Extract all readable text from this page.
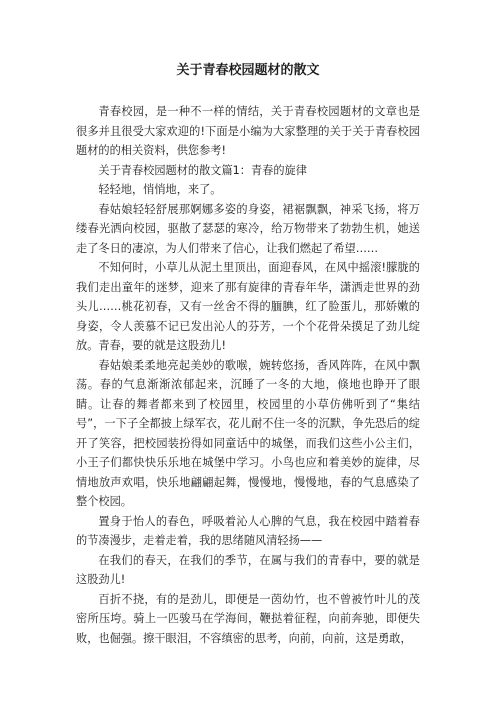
关于青春校园题材的散文

青春校园，是一种不一样的情结，关于青春校园题材的文章也是很多并且很受大家欢迎的!下面是小编为大家整理的关于关于青春校园题材的的相关资料，供您参考!

关于青春校园题材的散文篇1：青春的旋律

轻轻地，悄悄地，来了。

春姑娘轻轻舒展那婀娜多姿的身姿，裙裾飘飘，神采飞扬，将万缕春光洒向校园，驱散了瑟瑟的寒冷，给万物带来了勃勃生机，她送走了冬日的凄凉，为人们带来了信心，让我们燃起了希望……

不知何时，小草儿从泥土里顶出，面迎春风，在风中摇滚!朦胧的我们走出童年的迷梦，迎来了那有旋律的青春年华，潇洒走世界的劲头儿……桃花初春，又有一丝舍不得的腼腆，红了脸蛋儿，那娇嫩的身姿，令人羡慕不记已发出沁人的芬芳，一个个花骨朵摸足了劲儿绽放。青春，要的就是这股劲儿!

春姑娘柔柔地亮起美妙的歌喉，婉转悠扬，香风阵阵，在风中飘荡。春的气息渐渐浓郁起来，沉睡了一冬的大地，倏地也睁开了眼睛。让春的舞者都来到了校园里，校园里的小草仿佛听到了“集结号”，一下子全都披上绿军衣，花儿耐不住一冬的沉默，争先恐后的绽开了笑容，把校园装扮得如同童话中的城堡，而我们这些小公主们，小王子们都快快乐乐地在城堡中学习。小鸟也应和着美妙的旋律，尽情地放声欢唱，快乐地翩翩起舞，慢慢地，慢慢地，春的气息感染了整个校园。

置身于怡人的春色，呼吸着沁人心脾的气息，我在校园中踏着春的节凑漫步，走着走着，我的思绪随风清轻扬——

在我们的春天，在我们的季节，在属与我们的青春中，要的就是这股劲儿!

百折不挠，有的是劲儿，即便是一茵幼竹，也不曾被竹叶儿的茂密所压垮。骑上一匹骏马在学海间，鞭挞着征程，向前奔驰，即便失败，也倔强。擦干眼泪，不容缜密的思考，向前，向前，这是勇敢，
